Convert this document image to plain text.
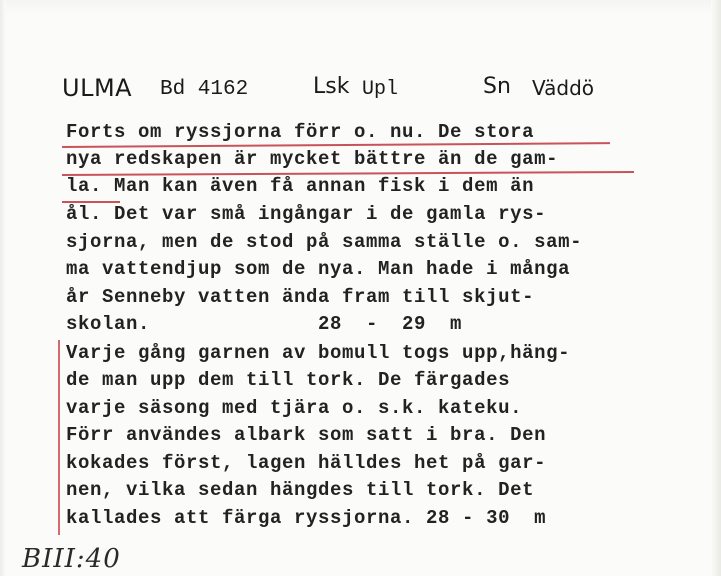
ULMA Bd 4162	Lsk Upl	Sn Väddö
Forts om ryssjorna förr o. nu. De stora
nya redskapen är mycket bättre än de gam-
la. Man kan även få annan fisk i dem än
ål. Det var små ingångar i de gamla rys-
sjorna, men de stod på samma ställe o. sam-
ma vattendjup som de nya. Man hade i många
år Senneby vatten ända fram till skjut-
skolan.              28  -  29  m
Varje gång garnen av bomull togs upp,häng-
de man upp dem till tork. De färgades
varje säsong med tjära o. s.k. kateku.
Förr användes albark som satt i bra. Den
kokades först, lagen hälldes het på gar-
nen, vilka sedan hängdes till tork. Det
kallades att färga ryssjorna. 28 - 30  m
BIII:40
